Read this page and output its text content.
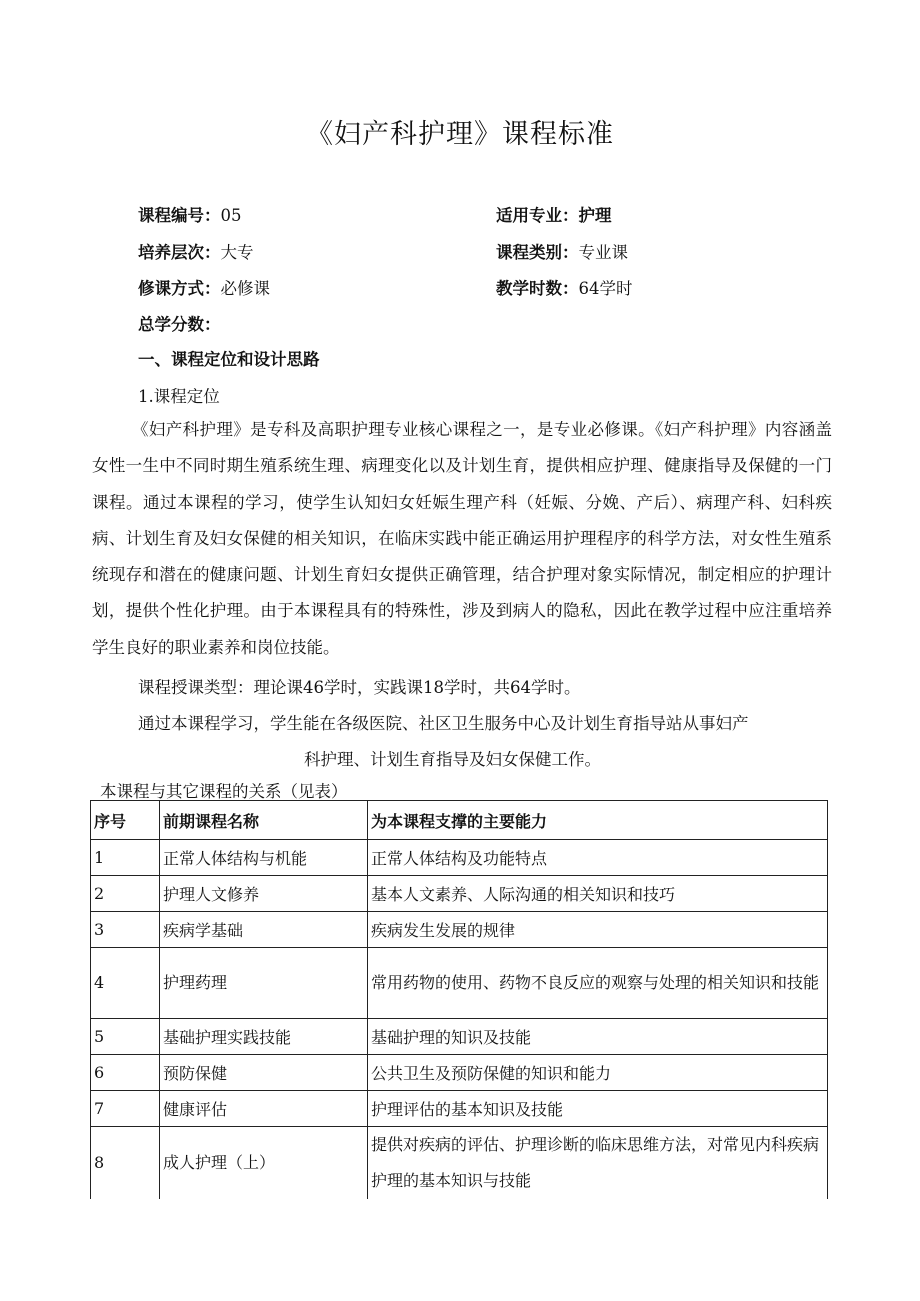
《妇产科护理》课程标准
课程编号：05	适用专业：护理
培养层次：大专	课程类别：专业课
修课方式：必修课	教学时数：64学时
总学分数：
一、课程定位和设计思路
1.课程定位
《妇产科护理》是专科及高职护理专业核心课程之一，是专业必修课。《妇产科护理》内容涵盖女性一生中不同时期生殖系统生理、病理变化以及计划生育，提供相应护理、健康指导及保健的一门课程。通过本课程的学习，使学生认知妇女妊娠生理产科（妊娠、分娩、产后）、病理产科、妇科疾病、计划生育及妇女保健的相关知识，在临床实践中能正确运用护理程序的科学方法，对女性生殖系统现存和潜在的健康问题、计划生育妇女提供正确管理，结合护理对象实际情况，制定相应的护理计划，提供个性化护理。由于本课程具有的特殊性，涉及到病人的隐私，因此在教学过程中应注重培养学生良好的职业素养和岗位技能。
课程授课类型：理论课46学时，实践课18学时，共64学时。
通过本课程学习，学生能在各级医院、社区卫生服务中心及计划生育指导站从事妇产
科护理、计划生育指导及妇女保健工作。
本课程与其它课程的关系（见表）
序号	前期课程名称	为本课程支撑的主要能力
1	正常人体结构与机能	正常人体结构及功能特点
2	护理人文修养	基本人文素养、人际沟通的相关知识和技巧
3	疾病学基础	疾病发生发展的规律
4	护理药理	常用药物的使用、药物不良反应的观察与处理的相关知识和技能
5	基础护理实践技能	基础护理的知识及技能
6	预防保健	公共卫生及预防保健的知识和能力
7	健康评估	护理评估的基本知识及技能
8	成人护理（上）	提供对疾病的评估、护理诊断的临床思维方法，对常见内科疾病护理的基本知识与技能
